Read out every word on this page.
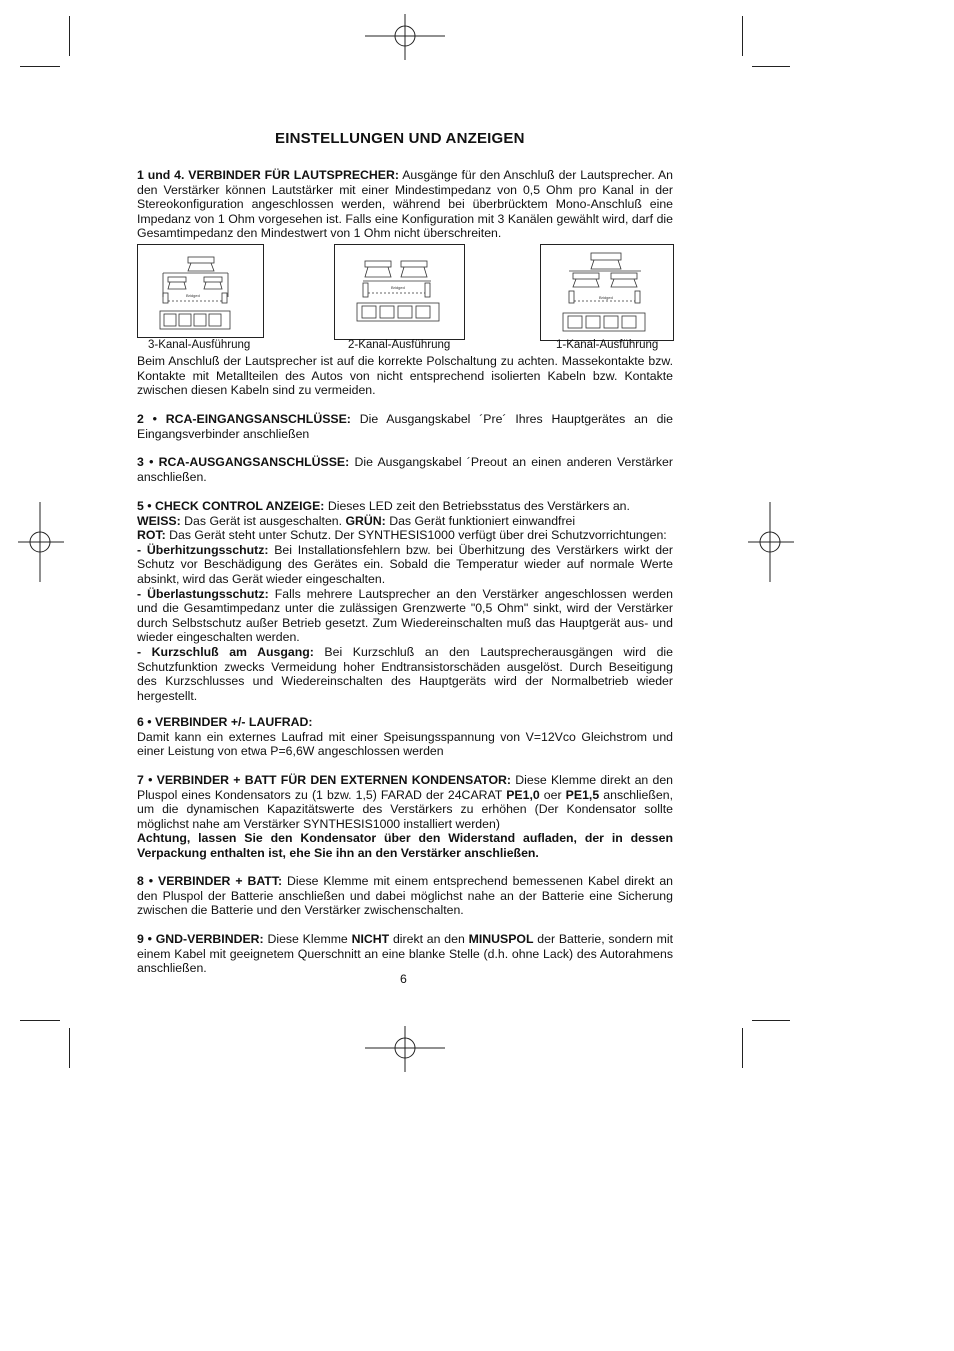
EINSTELLUNGEN UND ANZEIGEN
1 und 4. VERBINDER FÜR LAUTSPRECHER: Ausgänge für den Anschluß der Lautsprecher. An den Verstärker können Lautstärker mit einer Mindestimpedanz von 0,5 Ohm pro Kanal in der Stereokonfiguration angeschlossen werden, während bei überbrücktem Mono-Anschluß eine Impedanz von 1 Ohm vorgesehen ist. Falls eine Konfiguration mit 3 Kanälen gewählt wird, darf die Gesamtimpedanz den Mindestwert von 1 Ohm nicht überschreiten.
Bridged
Bridged
Bridged
3-Kanal-Ausführung	2-Kanal-Ausführung	1-Kanal-Ausführung
Beim Anschluß der Lautsprecher ist auf die korrekte Polschaltung zu achten. Massekontakte bzw. Kontakte mit Metallteilen des Autos von nicht entsprechend isolierten Kabeln bzw. Kontakte zwischen diesen Kabeln sind zu vermeiden.
2 • RCA-EINGANGSANSCHLÜSSE: Die Ausgangskabel ´Pre´ Ihres Hauptgerätes an die Eingangsverbinder anschließen
3 • RCA-AUSGANGSANSCHLÜSSE: Die Ausgangskabel ´Preout an einen anderen Verstärker anschließen.
5 • CHECK CONTROL ANZEIGE: Dieses LED zeit den Betriebsstatus des Verstärkers an.
WEISS: Das Gerät ist ausgeschalten. GRÜN: Das Gerät funktioniert einwandfrei
ROT: Das Gerät steht unter Schutz. Der SYNTHESIS1000 verfügt über drei Schutzvorrichtungen:
- Überhitzungsschutz: Bei Installationsfehlern bzw. bei Überhitzung des Verstärkers wirkt der Schutz vor Beschädigung des Gerätes ein. Sobald die Temperatur wieder auf normale Werte absinkt, wird das Gerät wieder eingeschalten.
- Überlastungsschutz: Falls mehrere Lautsprecher an den Verstärker angeschlossen werden und die Gesamtimpedanz unter die zulässigen Grenzwerte "0,5 Ohm" sinkt, wird der Verstärker durch Selbstschutz außer Betrieb gesetzt. Zum Wiedereinschalten muß das Hauptgerät aus- und wieder eingeschalten werden.
- Kurzschluß am Ausgang: Bei Kurzschluß an den Lautsprecherausgängen wird die Schutzfunktion zwecks Vermeidung hoher Endtransistorschäden ausgelöst. Durch Beseitigung des Kurzschlusses und Wiedereinschalten des Hauptgeräts wird der Normalbetrieb wieder hergestellt.
6 • VERBINDER +/- LAUFRAD:
Damit kann ein externes Laufrad mit einer Speisungsspannung von V=12Vco Gleichstrom und einer Leistung von etwa P=6,6W angeschlossen werden
7 • VERBINDER + BATT FÜR DEN EXTERNEN KONDENSATOR: Diese Klemme direkt an den Pluspol eines Kondensators zu (1 bzw. 1,5) FARAD der 24CARAT PE1,0 oer PE1,5 anschließen, um die dynamischen Kapazitätswerte des Verstärkers zu erhöhen (Der Kondensator sollte möglichst nahe am Verstärker SYNTHESIS1000 installiert werden)
Achtung, lassen Sie den Kondensator über den Widerstand aufladen, der in dessen Verpackung enthalten ist, ehe Sie ihn an den Verstärker anschließen.
8 • VERBINDER + BATT: Diese Klemme mit einem entsprechend bemessenen Kabel direkt an den Pluspol der Batterie anschließen und dabei möglichst nahe an der Batterie eine Sicherung zwischen die Batterie und den Verstärker zwischenschalten.
9 • GND-VERBINDER: Diese Klemme NICHT direkt an den MINUSPOL der Batterie, sondern mit einem Kabel mit geeignetem Querschnitt an eine blanke Stelle (d.h. ohne Lack) des Autorahmens anschließen.
6
